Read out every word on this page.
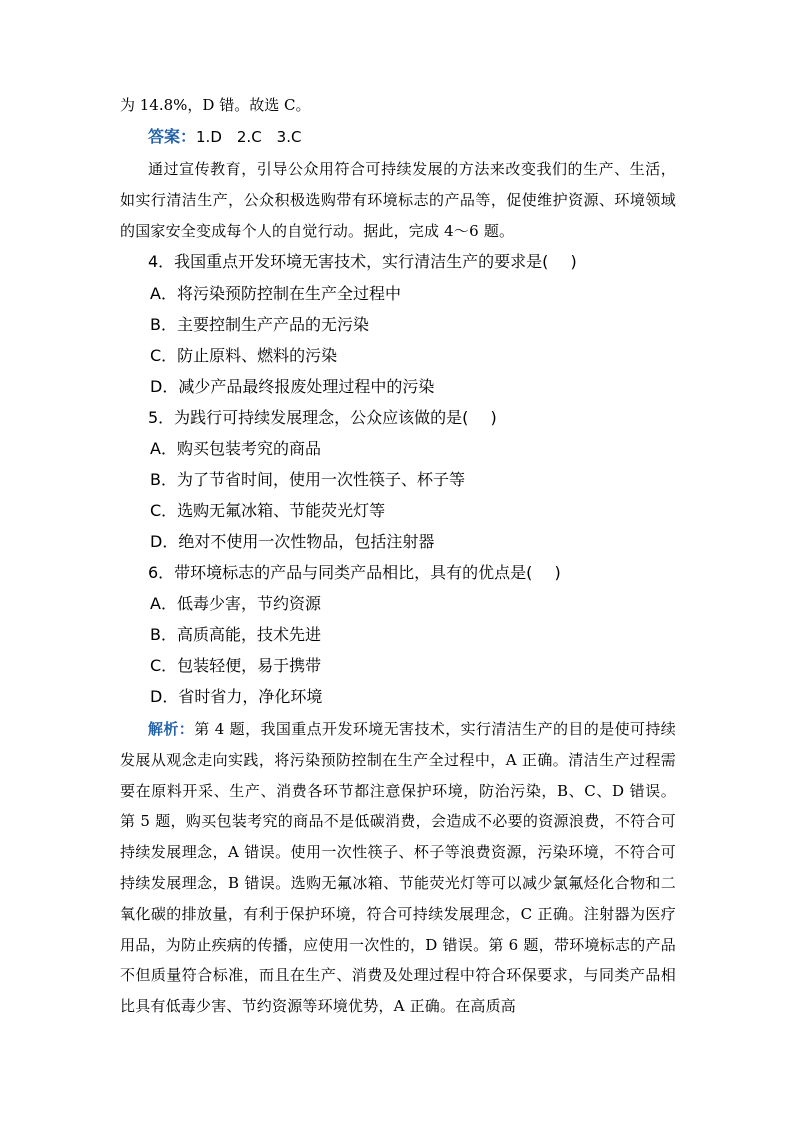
为 14.8%，D 错。故选 C。
答案：1.D　2.C　3.C
通过宣传教育，引导公众用符合可持续发展的方法来改变我们的生产、生活，如实行清洁生产，公众积极选购带有环境标志的产品等，促使维护资源、环境领域的国家安全变成每个人的自觉行动。据此，完成 4～6 题。
4．我国重点开发环境无害技术，实行清洁生产的要求是( )
A．将污染预防控制在生产全过程中
B．主要控制生产产品的无污染
C．防止原料、燃料的污染
D．减少产品最终报废处理过程中的污染
5．为践行可持续发展理念，公众应该做的是( )
A．购买包装考究的商品
B．为了节省时间，使用一次性筷子、杯子等
C．选购无氟冰箱、节能荧光灯等
D．绝对不使用一次性物品，包括注射器
6．带环境标志的产品与同类产品相比，具有的优点是( )
A．低毒少害，节约资源
B．高质高能，技术先进
C．包装轻便，易于携带
D．省时省力，净化环境
解析：第 4 题，我国重点开发环境无害技术，实行清洁生产的目的是使可持续发展从观念走向实践，将污染预防控制在生产全过程中，A 正确。清洁生产过程需要在原料开采、生产、消费各环节都注意保护环境，防治污染，B、C、D 错误。第 5 题，购买包装考究的商品不是低碳消费，会造成不必要的资源浪费，不符合可持续发展理念，A 错误。使用一次性筷子、杯子等浪费资源，污染环境，不符合可持续发展理念，B 错误。选购无氟冰箱、节能荧光灯等可以减少氯氟烃化合物和二氧化碳的排放量，有利于保护环境，符合可持续发展理念，C 正确。注射器为医疗用品，为防止疾病的传播，应使用一次性的，D 错误。第 6 题，带环境标志的产品不但质量符合标准，而且在生产、消费及处理过程中符合环保要求，与同类产品相比具有低毒少害、节约资源等环境优势，A 正确。在高质高
